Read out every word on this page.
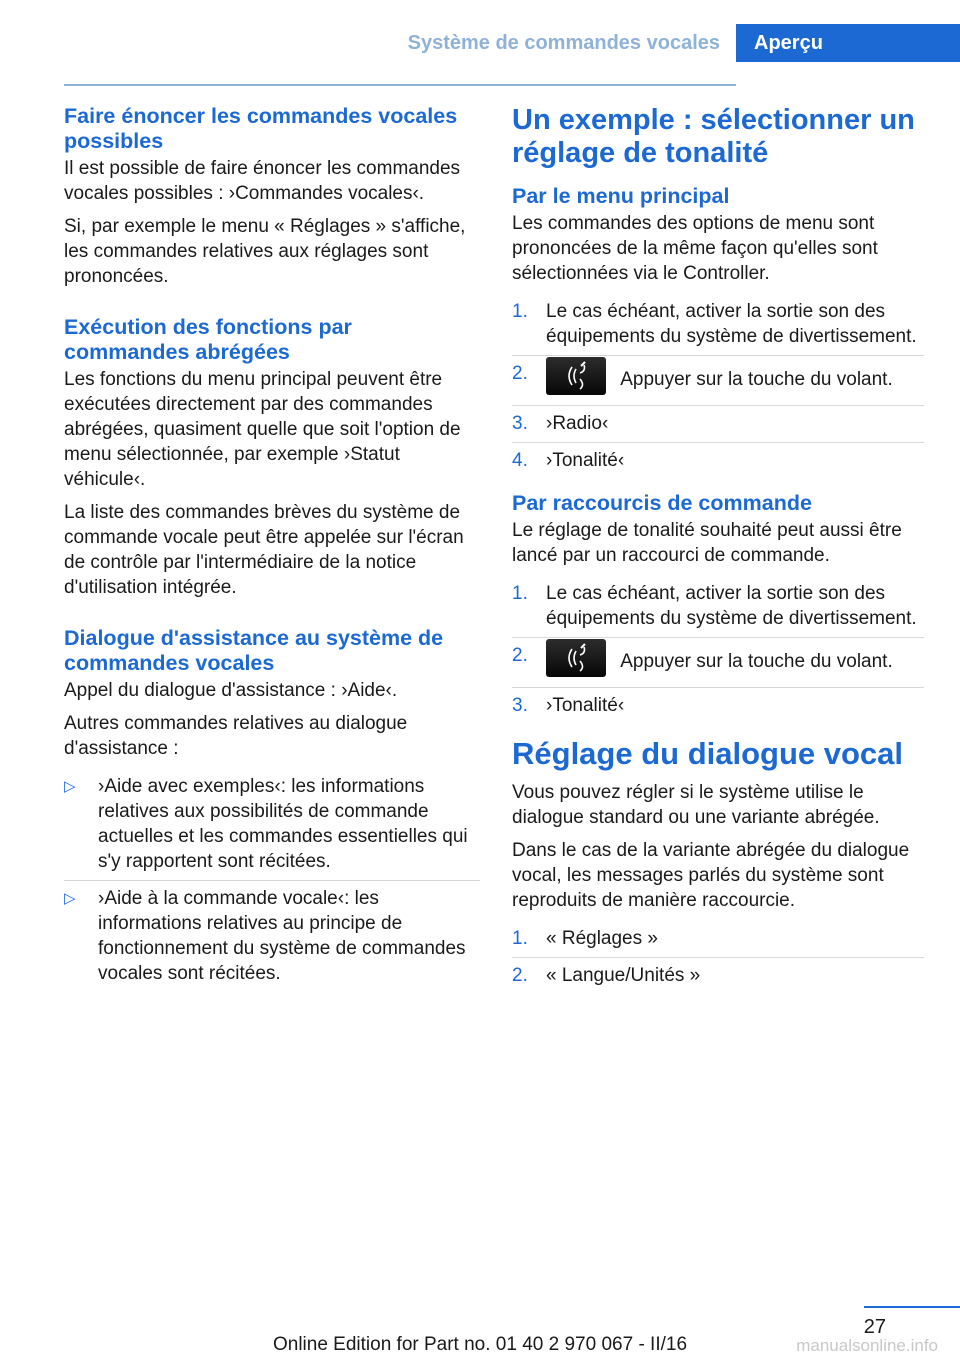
Système de commandes vocales	Aperçu
Faire énoncer les commandes vocales possibles

Il est possible de faire énoncer les commandes vocales possibles : ›Commandes vocales‹.

Si, par exemple le menu « Réglages » s'affiche, les commandes relatives aux réglages sont prononcées.

Exécution des fonctions par commandes abrégées

Les fonctions du menu principal peuvent être exécutées directement par des commandes abrégées, quasiment quelle que soit l'option de menu sélectionnée, par exemple ›Statut véhicule‹.

La liste des commandes brèves du système de commande vocale peut être appelée sur l'écran de contrôle par l'intermédiaire de la notice d'utilisation intégrée.

Dialogue d'assistance au système de commandes vocales

Appel du dialogue d'assistance : ›Aide‹.

Autres commandes relatives au dialogue d'assistance :

▷ ›Aide avec exemples‹: les informations relatives aux possibilités de commande actuelles et les commandes essentielles qui s'y rapportent sont récitées.
▷ ›Aide à la commande vocale‹: les informations relatives au principe de fonctionnement du système de commandes vocales sont récitées.
Un exemple : sélectionner un réglage de tonalité
Par le menu principal

Les commandes des options de menu sont prononcées de la même façon qu'elles sont sélectionnées via le Controller.

1. Le cas échéant, activer la sortie son des équipements du système de divertissement.
2.	Appuyer sur la touche du volant.
3. ›Radio‹
4. ›Tonalité‹
Par raccourcis de commande

Le réglage de tonalité souhaité peut aussi être lancé par un raccourci de commande.

1. Le cas échéant, activer la sortie son des équipements du système de divertissement.
2.	Appuyer sur la touche du volant.
3. ›Tonalité‹
Réglage du dialogue vocal

Vous pouvez régler si le système utilise le dialogue standard ou une variante abrégée.

Dans le cas de la variante abrégée du dialogue vocal, les messages parlés du système sont reproduits de manière raccourcie.

1. « Réglages »
2. « Langue/Unités »
27
Online Edition for Part no. 01 40 2 970 067 - II/16	manualsonline.info
